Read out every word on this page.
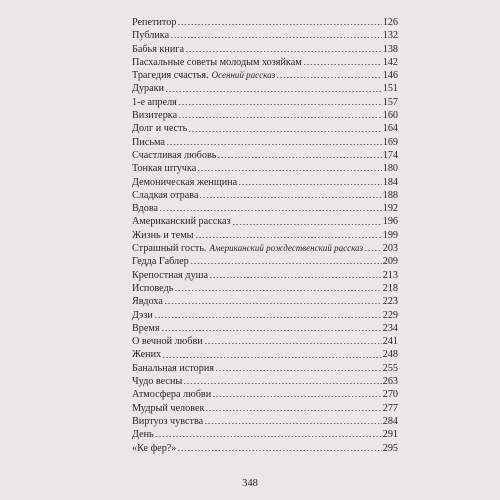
Репетитор	126
Публика	132
Бабья книга	138
Пасхальные советы молодым хозяйкам	142
Трагедия счастья. Осенний рассказ	146
Дураки	151
1-е апреля	157
Визитерка	160
Долг и честь	164
Письма	169
Счастливая любовь	174
Тонкая штучка	180
Демоническая женщина	184
Сладкая отрава	188
Вдова	192
Американский рассказ	196
Жизнь и темы	199
Страшный гость. Американский рождественский рассказ 203
Гедда Габлер	209
Крепостная душа	213
Исповедь	218
Явдоха	223
Дэзи	229
Время	234
О вечной любви	241
Жених	248
Банальная история	255
Чудо весны	263
Атмосфера любви	270
Мудрый человек	277
Виртуоз чувства	284
День	291
«Ке фер?»	295
348
